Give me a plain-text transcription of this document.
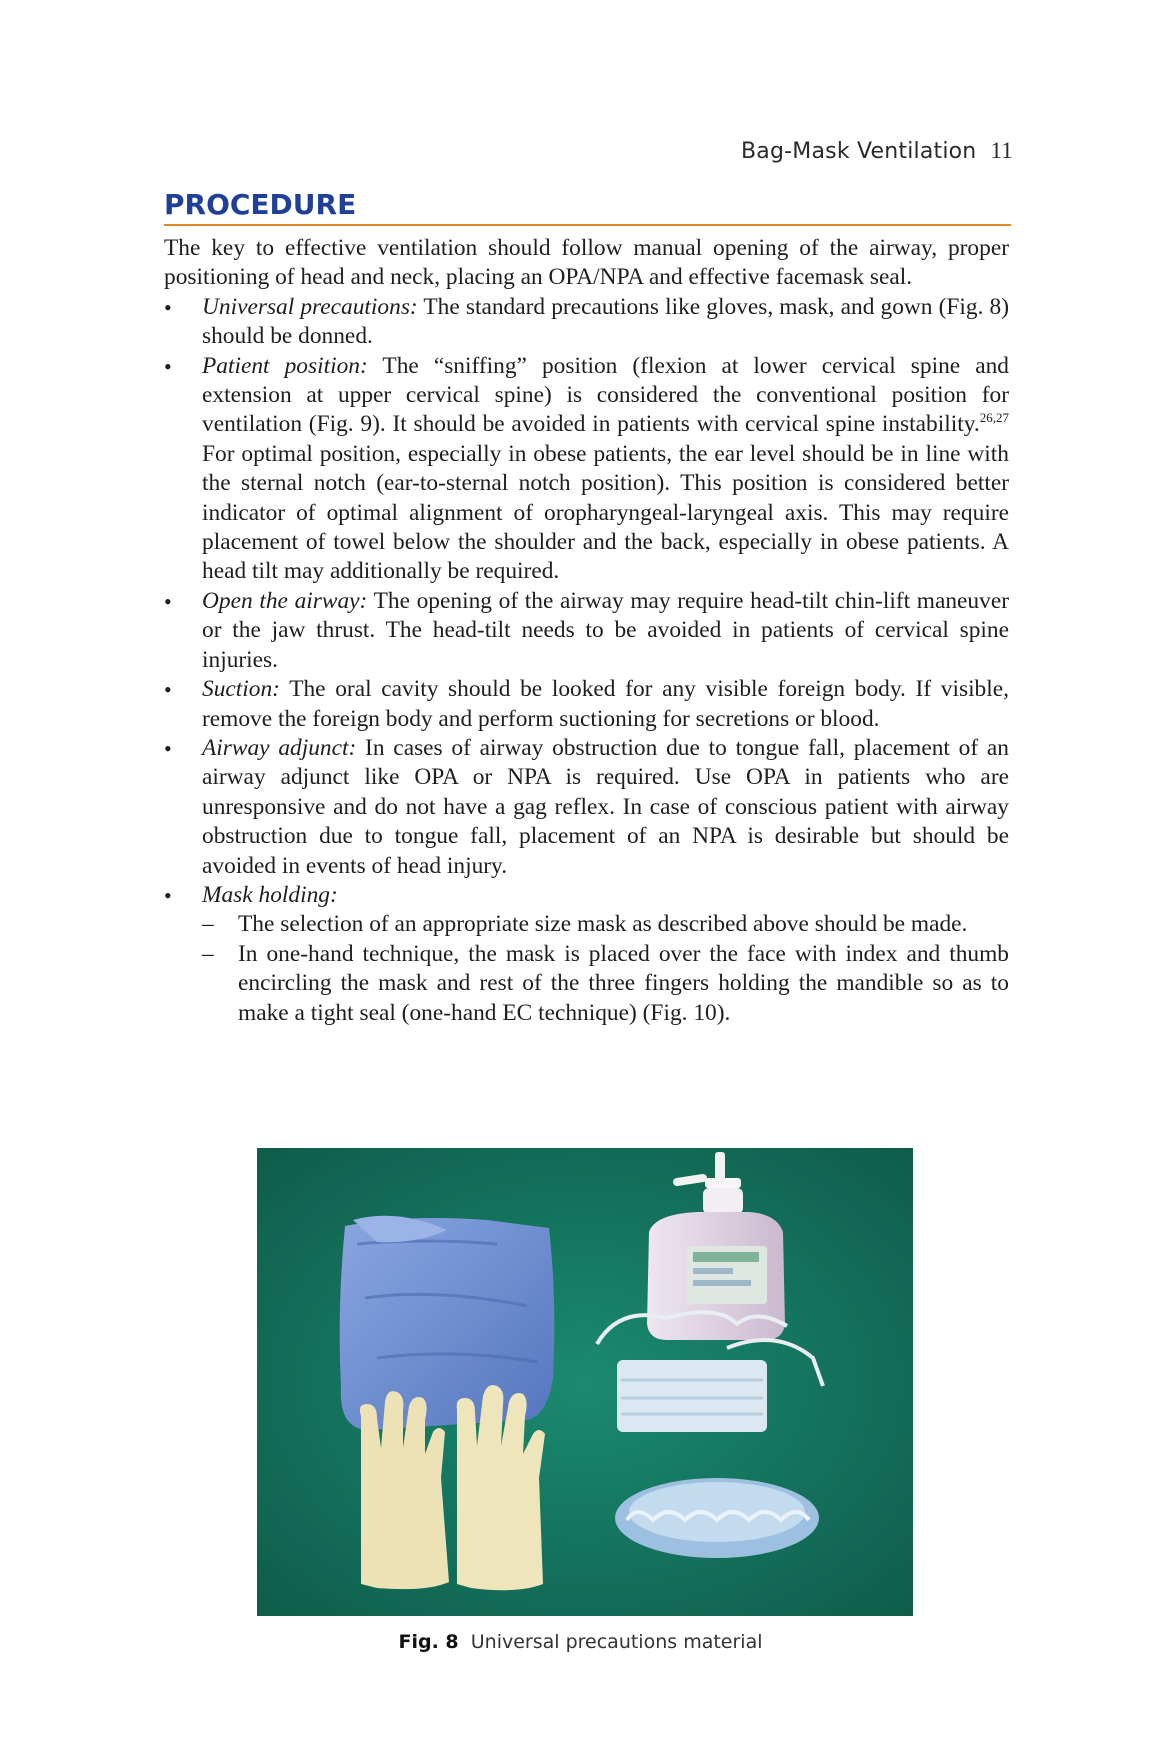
Bag-Mask Ventilation 11
PROCEDURE

The key to effective ventilation should follow manual opening of the airway, proper positioning of head and neck, placing an OPA/NPA and effective facemask seal.

• Universal precautions: The standard precautions like gloves, mask, and gown (Fig. 8) should be donned.
• Patient position: The “sniffing” position (flexion at lower cervical spine and extension at upper cervical spine) is considered the conventional position for ventilation (Fig. 9). It should be avoided in patients with cervical spine instability.$^{26,27}$ For optimal position, especially in obese patients, the ear level should be in line with the sternal notch (ear-to-sternal notch position). This position is considered better indicator of optimal alignment of oropharyngeal-laryngeal axis. This may require placement of towel below the shoulder and the back, especially in obese patients. A head tilt may additionally be required.
• Open the airway: The opening of the airway may require head-tilt chin-lift maneuver or the jaw thrust. The head-tilt needs to be avoided in patients of cervical spine injuries.
• Suction: The oral cavity should be looked for any visible foreign body. If visible, remove the foreign body and perform suctioning for secretions or blood.
• Airway adjunct: In cases of airway obstruction due to tongue fall, placement of an airway adjunct like OPA or NPA is required. Use OPA in patients who are unresponsive and do not have a gag reflex. In case of conscious patient with airway obstruction due to tongue fall, placement of an NPA is desirable but should be avoided in events of head injury.
• Mask holding:
– The selection of an appropriate size mask as described above should be made.
– In one-hand technique, the mask is placed over the face with index and thumb encircling the mask and rest of the three fingers holding the mandible so as to make a tight seal (one-hand EC technique) (Fig. 10).
Fig. 8 Universal precautions material
